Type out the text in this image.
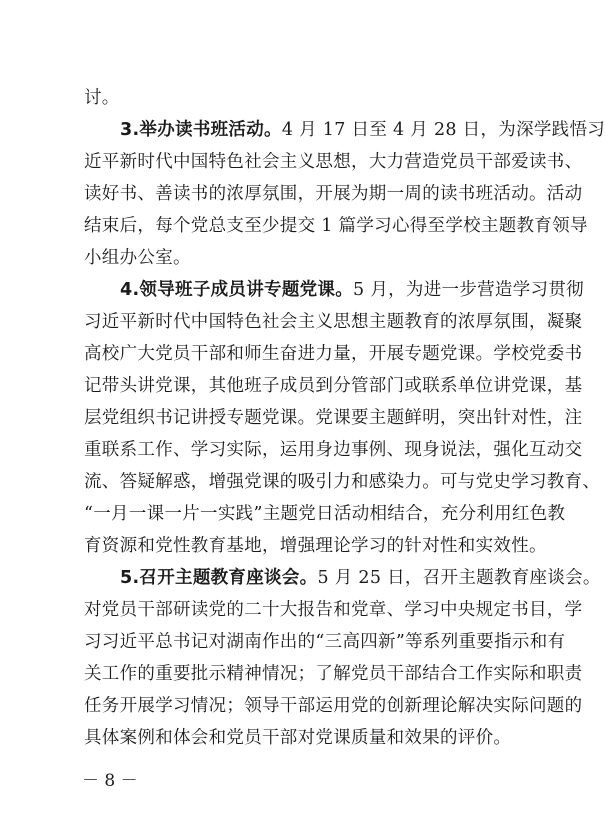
讨。
3.举办读书班活动。4 月 17 日至 4 月 28 日，为深学践悟习
近平新时代中国特色社会主义思想，大力营造党员干部爱读书、
读好书、善读书的浓厚氛围，开展为期一周的读书班活动。活动
结束后，每个党总支至少提交 1 篇学习心得至学校主题教育领导
小组办公室。
4.领导班子成员讲专题党课。5 月，为进一步营造学习贯彻
习近平新时代中国特色社会主义思想主题教育的浓厚氛围，凝聚
高校广大党员干部和师生奋进力量，开展专题党课。学校党委书
记带头讲党课，其他班子成员到分管部门或联系单位讲党课，基
层党组织书记讲授专题党课。党课要主题鲜明，突出针对性，注
重联系工作、学习实际，运用身边事例、现身说法，强化互动交
流、答疑解惑，增强党课的吸引力和感染力。可与党史学习教育、
“一月一课一片一实践”主题党日活动相结合，充分利用红色教
育资源和党性教育基地，增强理论学习的针对性和实效性。
5.召开主题教育座谈会。5 月 25 日，召开主题教育座谈会。
对党员干部研读党的二十大报告和党章、学习中央规定书目，学
习习近平总书记对湖南作出的“三高四新”等系列重要指示和有
关工作的重要批示精神情况；了解党员干部结合工作实际和职责
任务开展学习情况；领导干部运用党的创新理论解决实际问题的
－ 8 －
具体案例和体会和党员干部对党课质量和效果的评价。
